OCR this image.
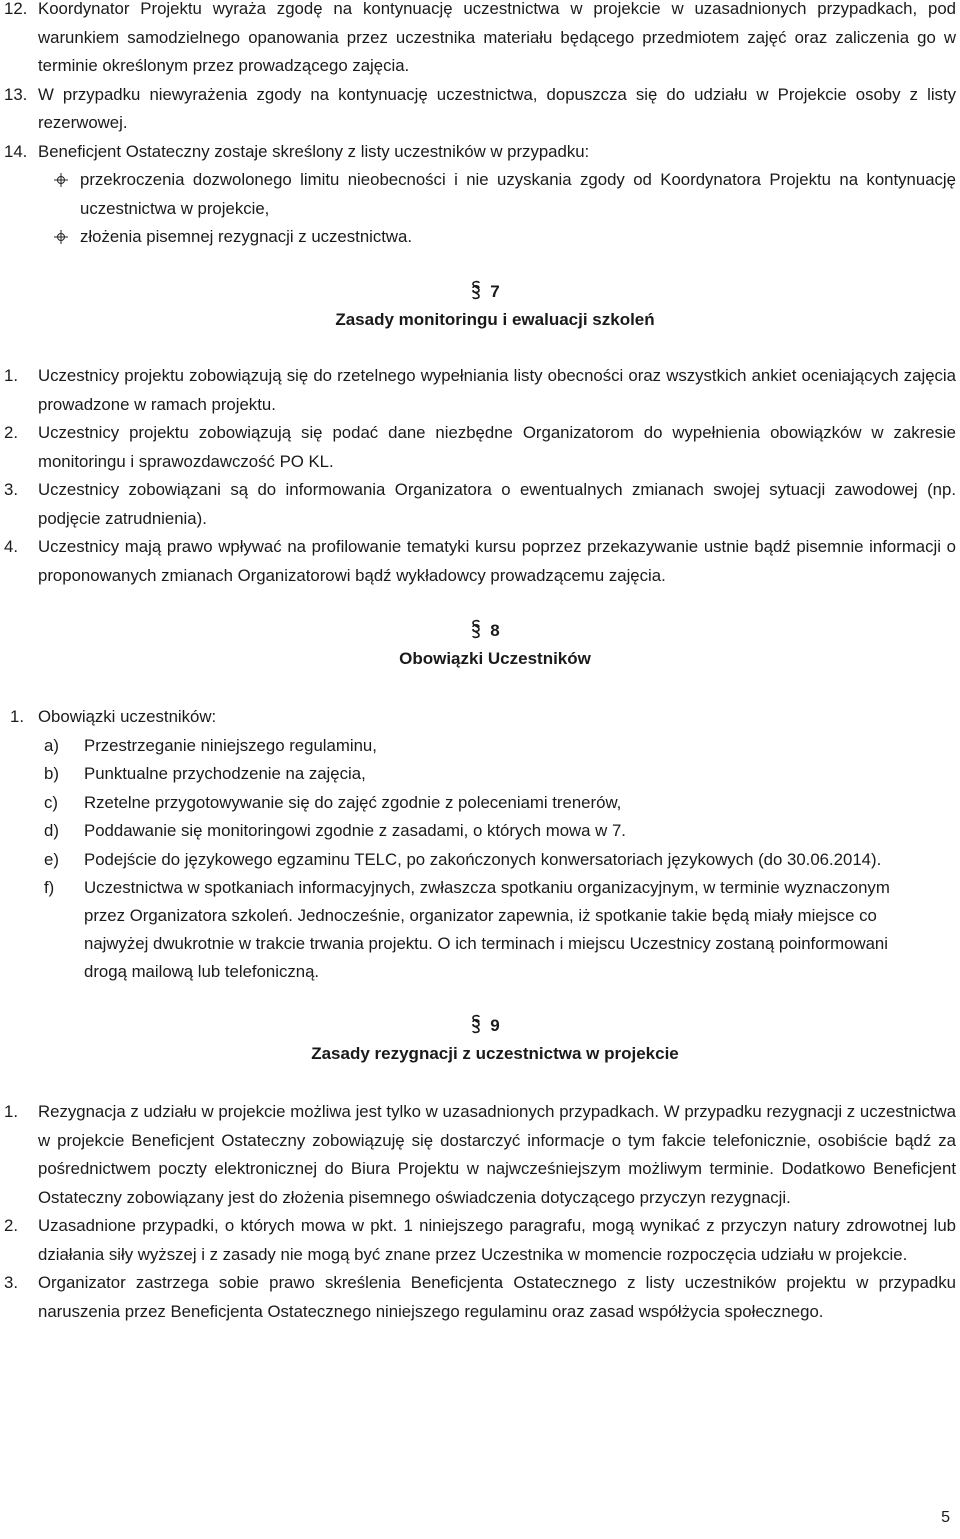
12. Koordynator Projektu wyraża zgodę na kontynuację uczestnictwa w projekcie w uzasadnionych przypadkach, pod warunkiem samodzielnego opanowania przez uczestnika materiału będącego przedmiotem zajęć oraz zaliczenia go w terminie określonym przez prowadzącego zajęcia.
13. W przypadku niewyrażenia zgody na kontynuację uczestnictwa, dopuszcza się do udziału w Projekcie osoby z listy rezerwowej.
14. Beneficjent Ostateczny zostaje skreślony z listy uczestników w przypadku:
przekroczenia dozwolonego limitu nieobecności i nie uzyskania zgody od Koordynatora Projektu na kontynuację uczestnictwa w projekcie,
złożenia pisemnej rezygnacji z uczestnictwa.
7
Zasady monitoringu i ewaluacji szkoleń
1. Uczestnicy projektu zobowiązują się do rzetelnego wypełniania listy obecności oraz wszystkich ankiet oceniających zajęcia prowadzone w ramach projektu.
2. Uczestnicy projektu zobowiązują się podać dane niezbędne Organizatorom do wypełnienia obowiązków w zakresie monitoringu i sprawozdawczość PO KL.
3. Uczestnicy zobowiązani są do informowania Organizatora o ewentualnych zmianach swojej sytuacji zawodowej (np. podjęcie zatrudnienia).
4. Uczestnicy mają prawo wpływać na profilowanie tematyki kursu poprzez przekazywanie ustnie bądź pisemnie informacji o proponowanych zmianach Organizatorowi bądź wykładowcy prowadzącemu zajęcia.
8
Obowiązki Uczestników
1. Obowiązki uczestników:
a) Przestrzeganie niniejszego regulaminu,
b) Punktualne przychodzenie na zajęcia,
c) Rzetelne przygotowywanie się do zajęć zgodnie z poleceniami trenerów,
d) Poddawanie się monitoringowi zgodnie z zasadami, o których mowa w 7.
e) Podejście do językowego egzaminu TELC, po zakończonych konwersatoriach językowych (do 30.06.2014).
f) Uczestnictwa w spotkaniach informacyjnych, zwłaszcza spotkaniu organizacyjnym, w terminie wyznaczonym przez Organizatora szkoleń. Jednocześnie, organizator zapewnia, iż spotkanie takie będą miały miejsce co najwyżej dwukrotnie w trakcie trwania projektu. O ich terminach i miejscu Uczestnicy zostaną poinformowani drogą mailową lub telefoniczną.
9
Zasady rezygnacji z uczestnictwa w projekcie
1. Rezygnacja z udziału w projekcie możliwa jest tylko w uzasadnionych przypadkach. W przypadku rezygnacji z uczestnictwa w projekcie Beneficjent Ostateczny zobowiązuję się dostarczyć informacje o tym fakcie telefonicznie, osobiście bądź za pośrednictwem poczty elektronicznej do Biura Projektu w najwcześniejszym możliwym terminie. Dodatkowo Beneficjent Ostateczny zobowiązany jest do złożenia pisemnego oświadczenia dotyczącego przyczyn rezygnacji.
2. Uzasadnione przypadki, o których mowa w pkt. 1 niniejszego paragrafu, mogą wynikać z przyczyn natury zdrowotnej lub działania siły wyższej i z zasady nie mogą być znane przez Uczestnika w momencie rozpoczęcia udziału w projekcie.
3. Organizator zastrzega sobie prawo skreślenia Beneficjenta Ostatecznego z listy uczestników projektu w przypadku naruszenia przez Beneficjenta Ostatecznego niniejszego regulaminu oraz zasad współżycia społecznego.
5
